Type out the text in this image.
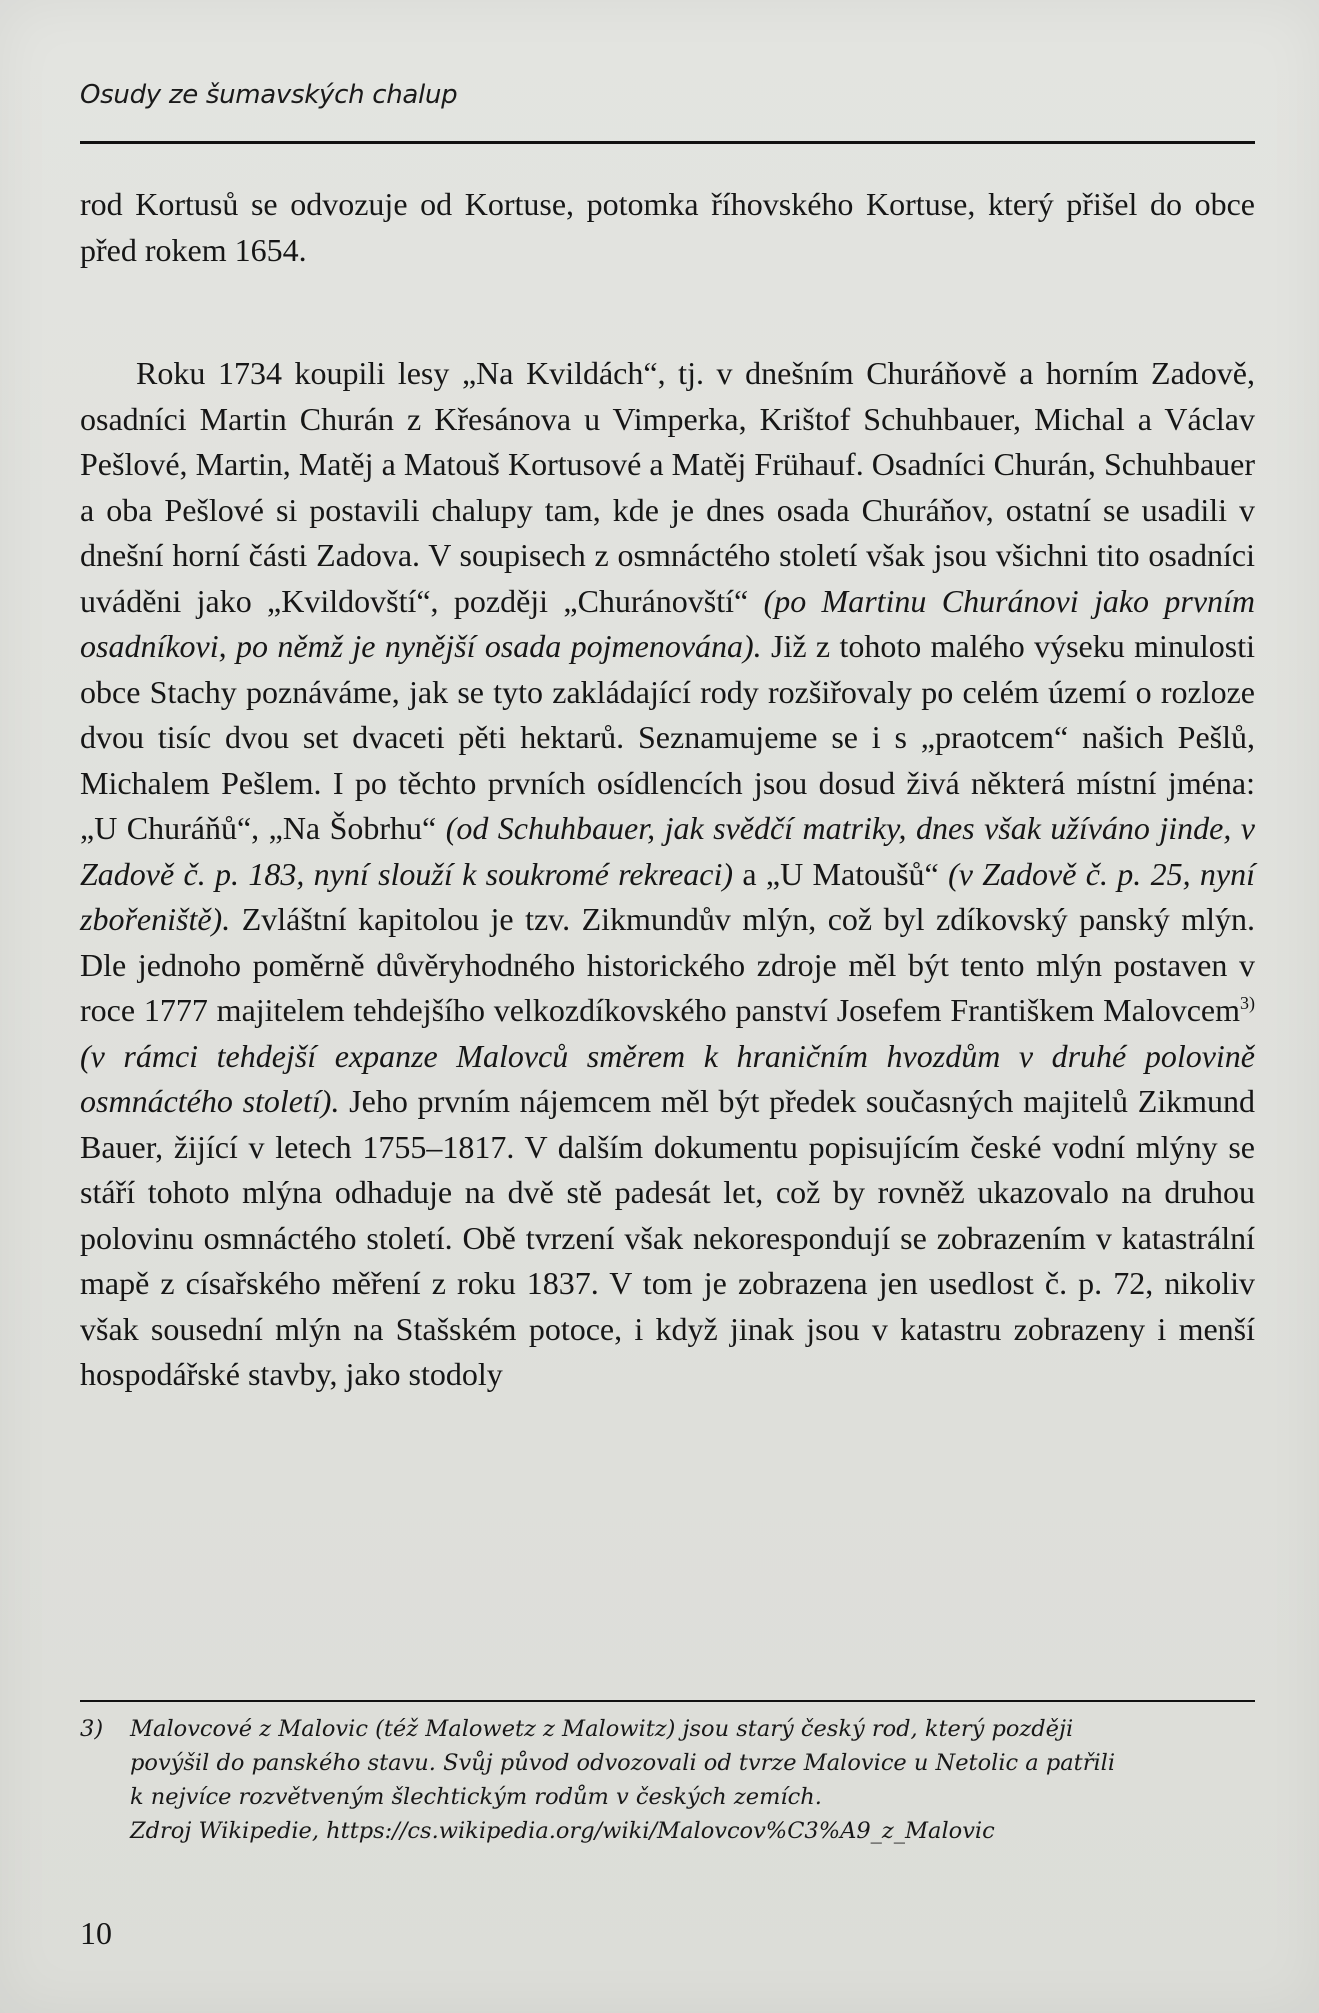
Osudy ze šumavských chalup

rod Kortusů se odvozuje od Kortuse, potomka říhovského Kortuse, který přišel do obce před rokem 1654.

Roku 1734 koupili lesy „Na Kvildách“, tj. v dnešním Churáňově a horním Zadově, osadníci Martin Churán z Křesánova u Vimperka, Krištof Schuhbauer, Michal a Václav Pešlové, Martin, Matěj a Matouš Kortusové a Matěj Frühauf. Osadníci Churán, Schuhbauer a oba Pešlové si postavili chalupy tam, kde je dnes osada Churáňov, ostatní se usadili v dnešní horní části Zadova. V soupisech z osmnáctého století však jsou všichni tito osadníci uváděni jako „Kvildovští“, později „Churánovští“ (po Martinu Churánovi jako prvním osadníkovi, po němž je nynější osada pojmenována). Již z tohoto malého výseku minulosti obce Stachy poznáváme, jak se tyto zakládající rody rozšiřovaly po celém území o rozloze dvou tisíc dvou set dvaceti pěti hektarů. Seznamujeme se i s „praotcem“ našich Pešlů, Michalem Pešlem. I po těchto prvních osídlencích jsou dosud živá některá místní jména: „U Churáňů“, „Na Šobrhu“ (od Schuhbauer, jak svědčí matriky, dnes však užíváno jinde, v Zadově č. p. 183, nyní slouží k soukromé rekreaci) a „U Matoušů“ (v Zadově č. p. 25, nyní zbořeniště). Zvláštní kapitolou je tzv. Zikmundův mlýn, což byl zdíkovský panský mlýn. Dle jednoho poměrně důvěryhodného historického zdroje měl být tento mlýn postaven v roce 1777 majitelem tehdejšího velkozdíkovského panství Josefem Františkem Malovcem$^{3)}$ (v rámci tehdejší expanze Malovců směrem k hraničním hvozdům v druhé polovině osmnáctého století). Jeho prvním nájemcem měl být předek současných majitelů Zikmund Bauer, žijící v letech 1755–1817. V dalším dokumentu popisujícím české vodní mlýny se stáří tohoto mlýna odhaduje na dvě stě padesát let, což by rovněž ukazovalo na druhou polovinu osmnáctého století. Obě tvrzení však nekorespondují se zobrazením v katastrální mapě z císařského měření z roku 1837. V tom je zobrazena jen usedlost č. p. 72, nikoliv však sousední mlýn na Stašském potoce, i když jinak jsou v katastru zobrazeny i menší hospodářské stavby, jako stodoly

3)	Malovcové z Malovic (též Malowetz z Malowitz) jsou starý český rod, který později
povýšil do panského stavu. Svůj původ odvozovali od tvrze Malovice u Netolic a patřili
k nejvíce rozvětveným šlechtickým rodům v českých zemích.
Zdroj Wikipedie, https://cs.wikipedia.org/wiki/Malovcov%C3%A9_z_Malovic
10
